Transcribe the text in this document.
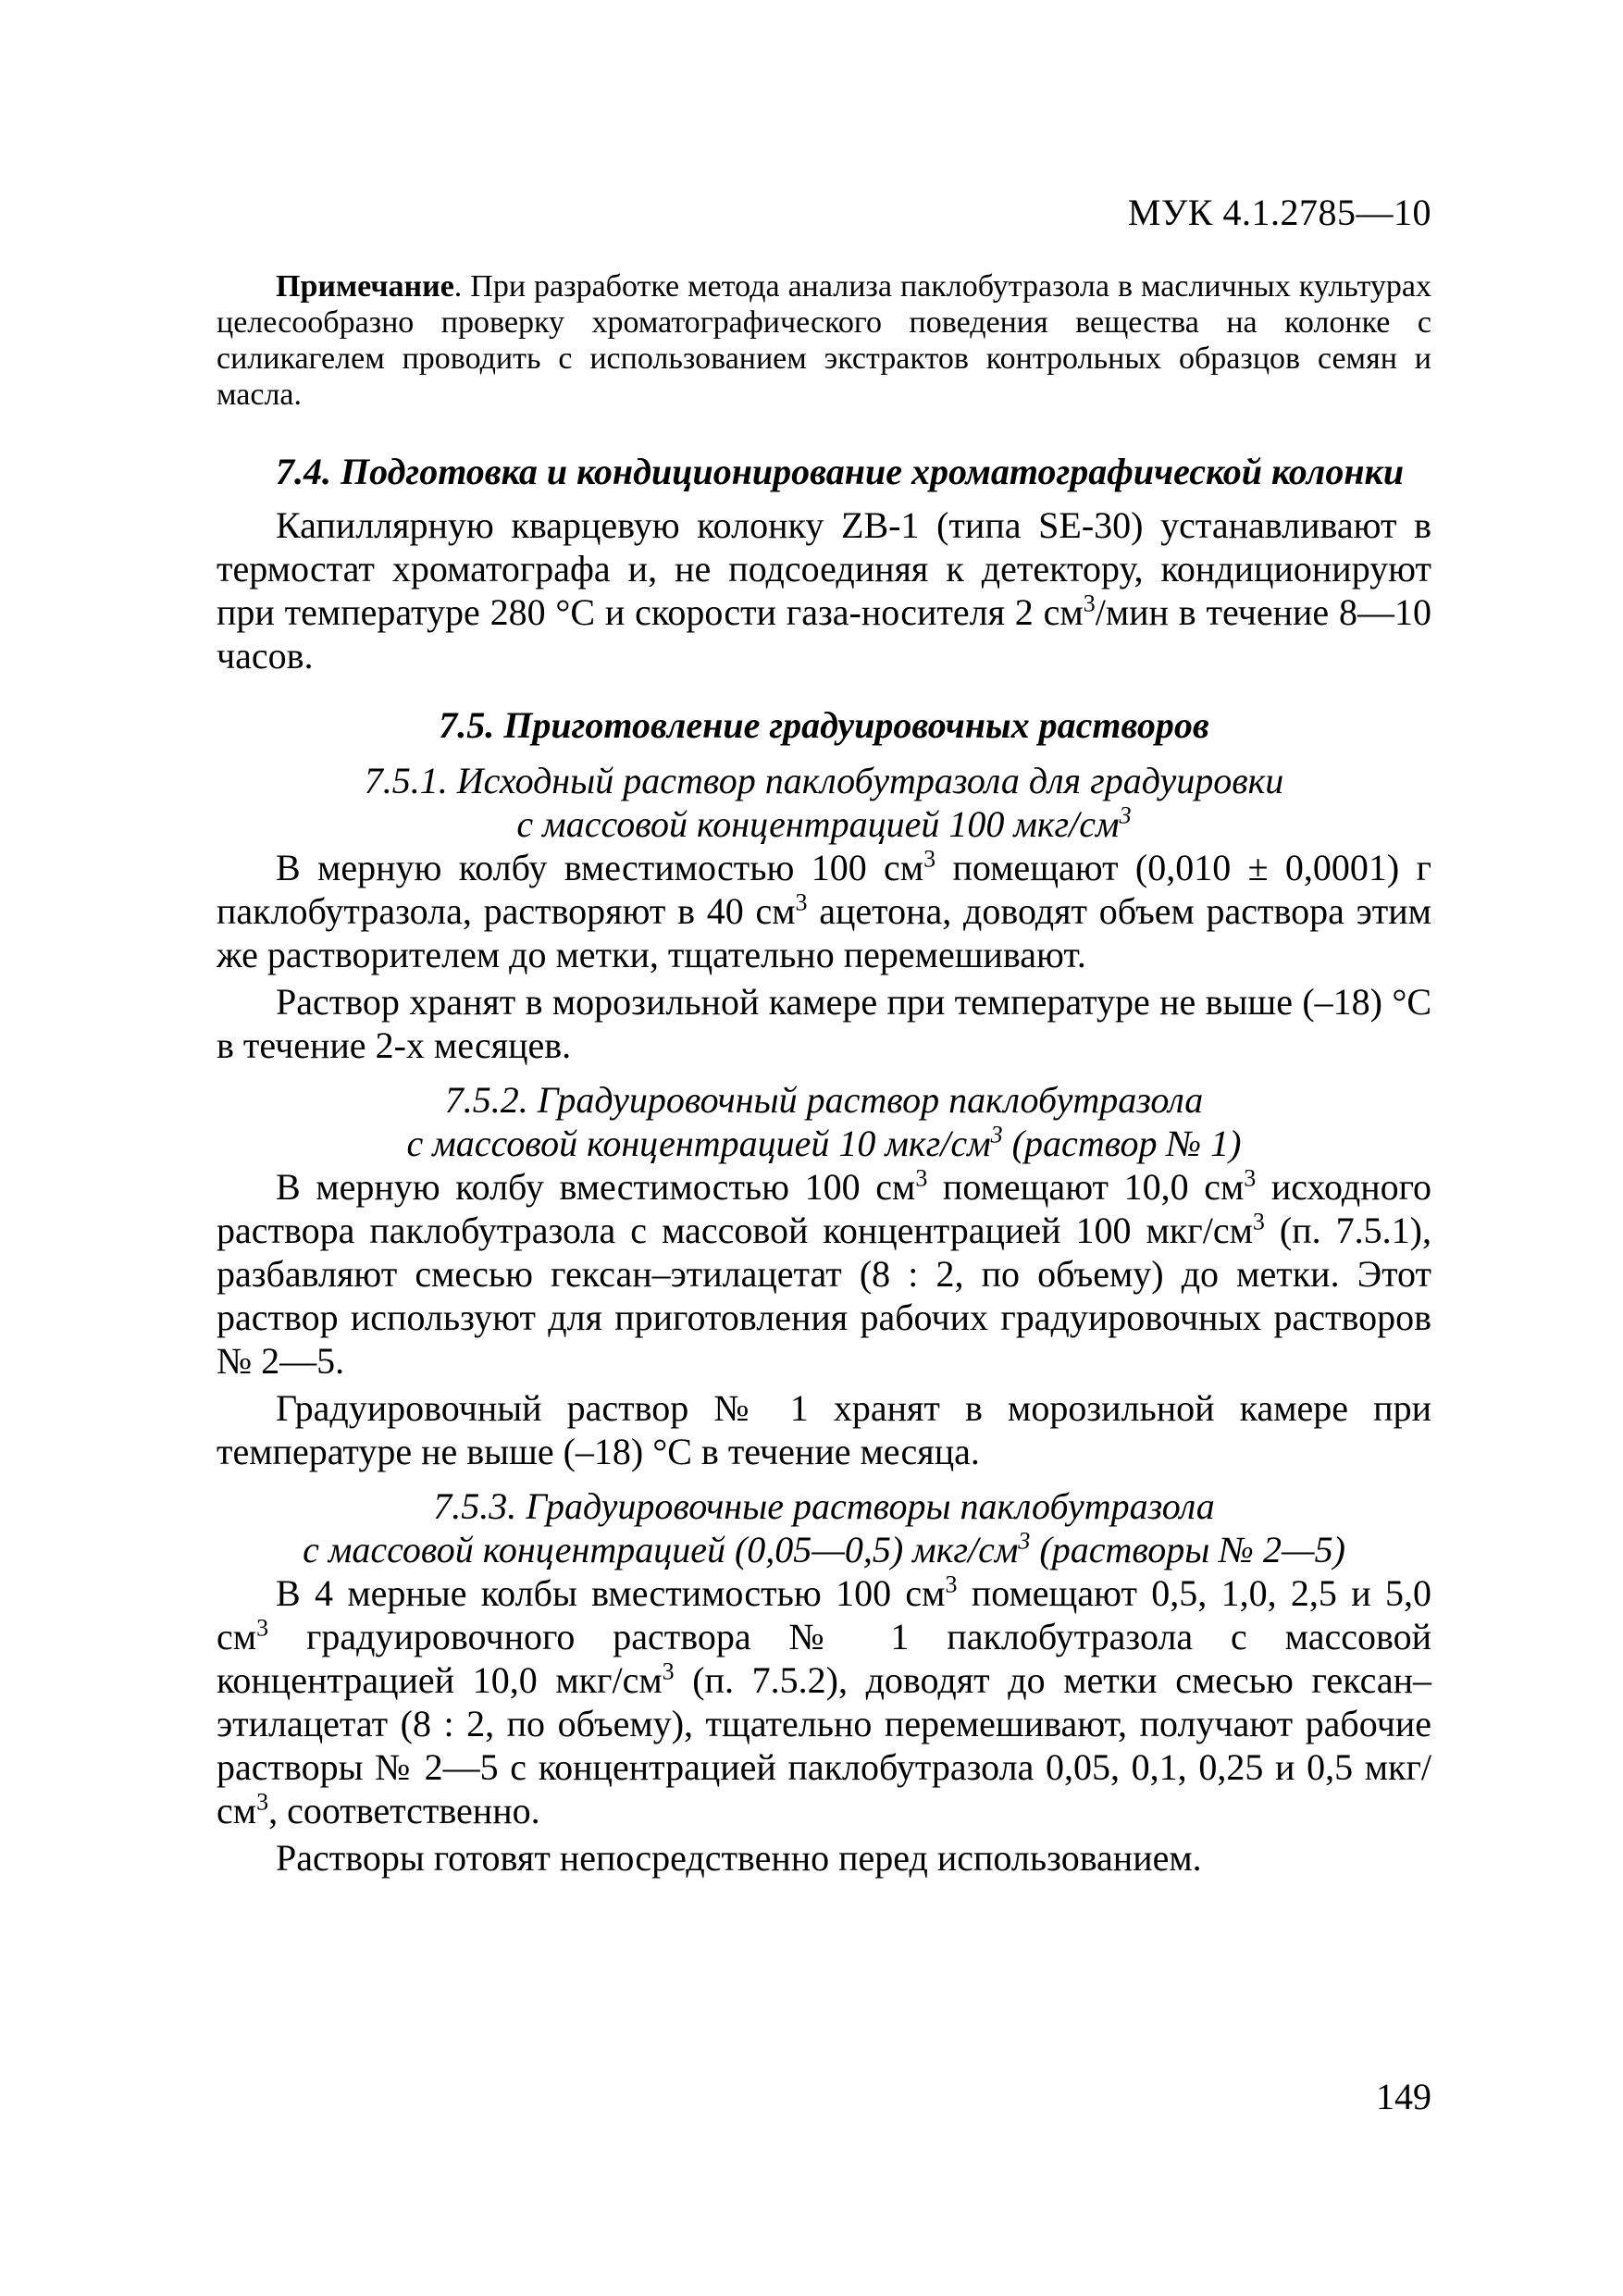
МУК 4.1.2785—10

Примечание. При разработке метода анализа паклобутразола в масличных культурах целесообразно проверку хроматографического поведения вещества на колонке с силикагелем проводить с использованием экстрактов контрольных образцов семян и масла.

7.4. Подготовка и кондиционирование хроматографической колонки

Капиллярную кварцевую колонку ZB-1 (типа SE-30) устанавливают в термостат хроматографа и, не подсоединяя к детектору, кондиционируют при температуре 280 °С и скорости газа-носителя 2 $см^3$/мин в течение 8—10 часов.

7.5. Приготовление градуировочных растворов
7.5.1. Исходный раствор паклобутразола для градуировки
с массовой концентрацией 100 мкг/$см^3$

В мерную колбу вместимостью 100 $см^3$ помещают (0,010 ± 0,0001) г паклобутразола, растворяют в 40 $см^3$ ацетона, доводят объем раствора этим же растворителем до метки, тщательно перемешивают.

Раствор хранят в морозильной камере при температуре не выше (–18) °С в течение 2-х месяцев.

7.5.2. Градуировочный раствор паклобутразола
с массовой концентрацией 10 мкг/$см^3$ (раствор № 1)

В мерную колбу вместимостью 100 $см^3$ помещают 10,0 $см^3$ исходного раствора паклобутразола с массовой концентрацией 100 мкг/$см^3$ (п. 7.5.1), разбавляют смесью гексан–этилацетат (8 : 2, по объему) до метки. Этот раствор используют для приготовления рабочих градуировочных растворов № 2—5.

Градуировочный раствор № 1 хранят в морозильной камере при температуре не выше (–18) °С в течение месяца.

7.5.3. Градуировочные растворы паклобутразола
с массовой концентрацией (0,05—0,5) мкг/$см^3$ (растворы № 2—5)

В 4 мерные колбы вместимостью 100 $см^3$ помещают 0,5, 1,0, 2,5 и 5,0 $см^3$ градуировочного раствора № 1 паклобутразола с массовой концентрацией 10,0 мкг/$см^3$ (п. 7.5.2), доводят до метки смесью гексан–этилацетат (8 : 2, по объему), тщательно перемешивают, получают рабочие растворы № 2—5 с концентрацией паклобутразола 0,05, 0,1, 0,25 и 0,5 мкг/$см^3$, соответственно.

Растворы готовят непосредственно перед использованием.

149
